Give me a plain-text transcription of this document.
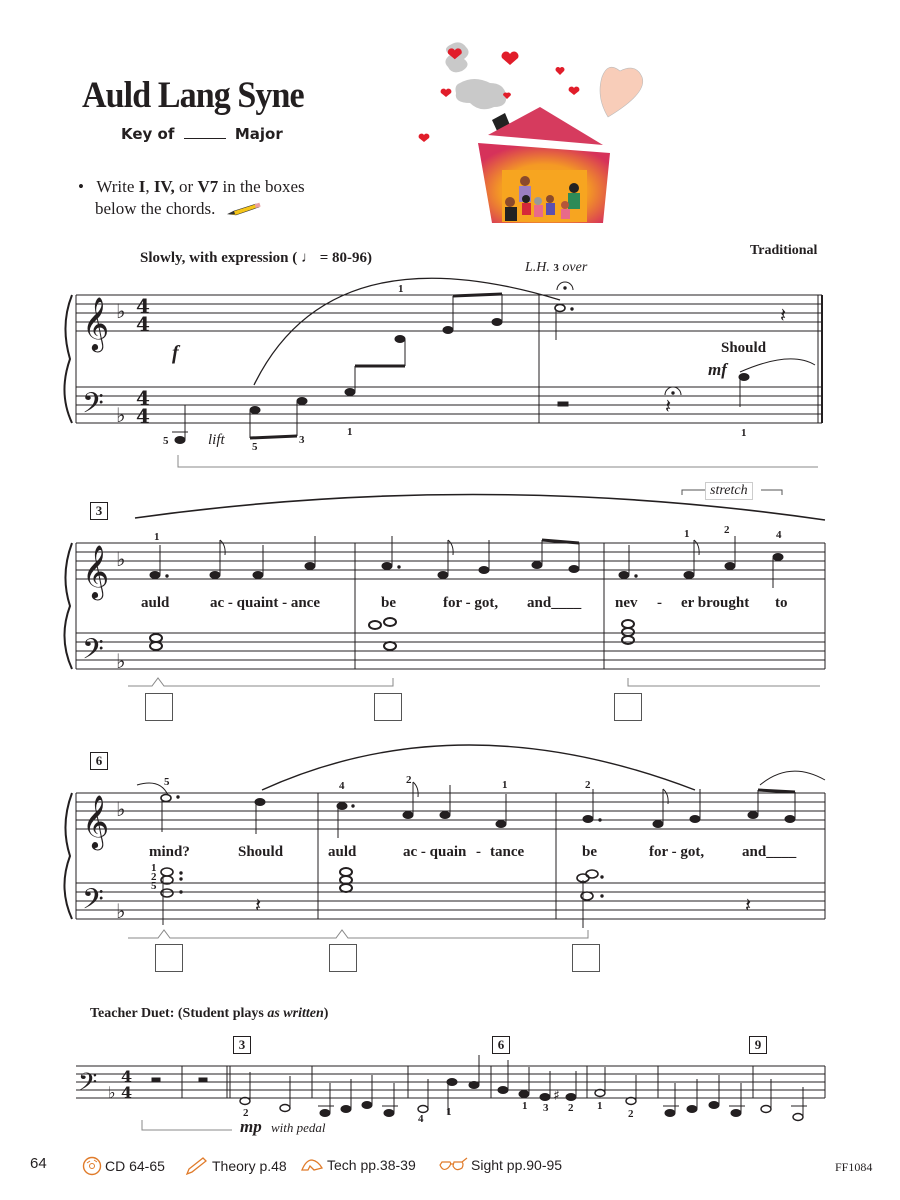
Auld Lang Syne
Key of	Major
• Write I, IV, or V7 in the boxes
below the chords.
Slowly, with expression ( ♩ = 80-96)	Traditional
𝄞
𝄢
♭
♭
4
4
4
4
𝄞
𝄢
♭
♭
𝄞
𝄢
♭
♭
𝄢 ♭
4
4
𝄽
𝄽
𝄽	𝄽
♯
f
lift
L.H. 3 over
mf
Should
5	5
3
1
1
1
3
stretch
auld	ac - quaint - ance	be	for - got, and____ nev - er brought to
1	1	2	4
6
mind?	Should	auld	ac - quain - tance	be	for - got,	and____
5	4	2	1	2
1
2
5
Teacher Duet: (Student plays as written)
3	6	9
mp with pedal
2	4
1	1 3 2 1
2
64	CD 64-65	Theory p.48	Tech pp.38-39	Sight pp.90-95	FF1084
